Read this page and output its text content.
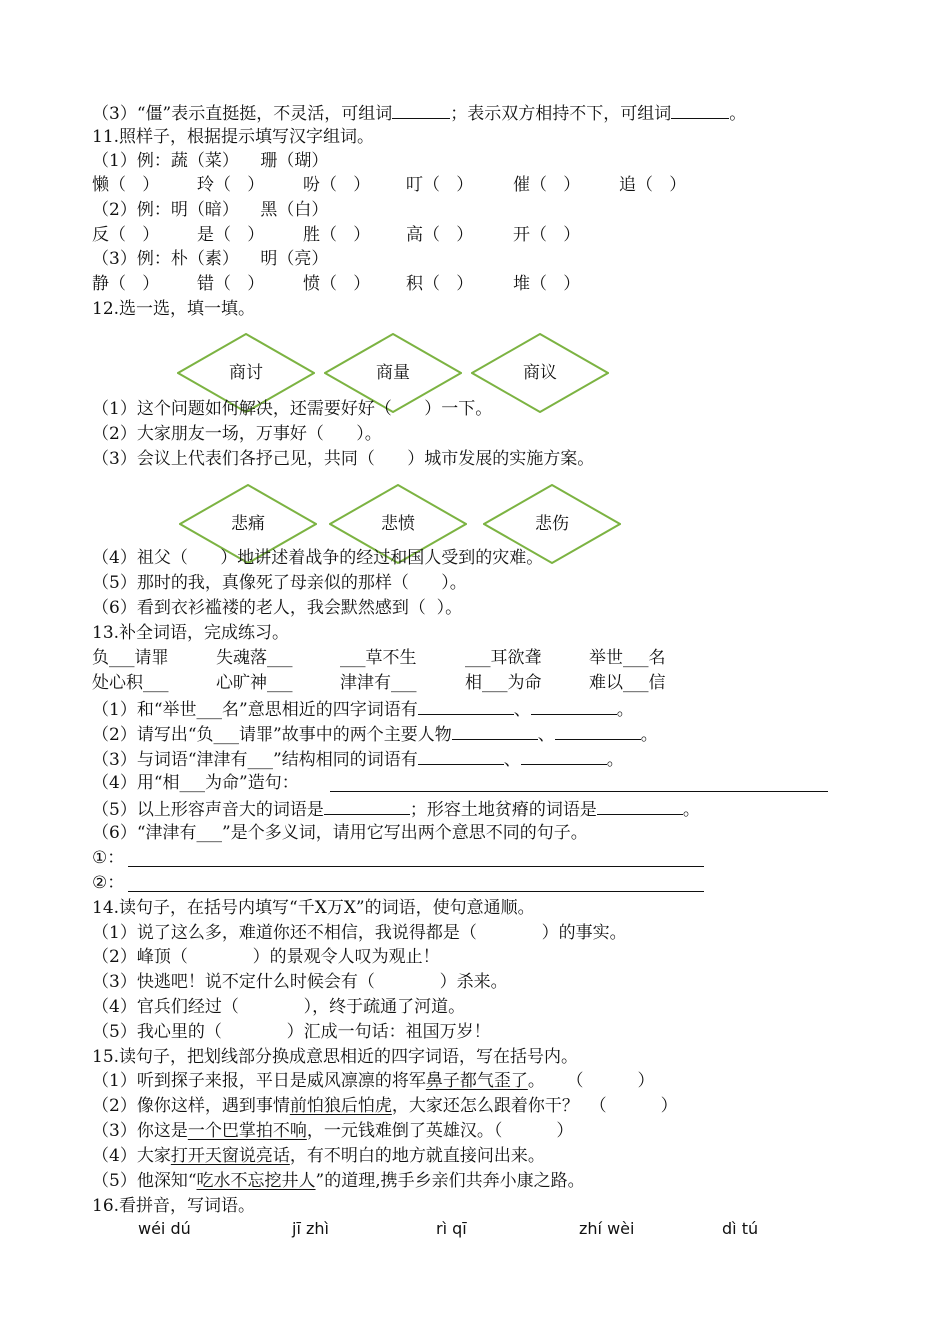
（3）“僵”表示直挺挺，不灵活，可组词	；表示双方相持不下，可组词	。
11.照样子，根据提示填写汉字组词。
（1）例：蔬（菜）    珊（瑚）
懒（   ） 玲（   ） 吩（   ） 叮（   ） 催（   ） 追（   ）
（2）例：明（暗）    黑（白）
反（   ） 是（   ） 胜（   ） 高（   ） 开（   ）
（3）例：朴（素）    明（亮）
静（   ） 错（   ） 愤（   ） 积（   ） 堆（   ）
12.选一选，填一填。
商讨	商量	商议
（1）这个问题如何解决，还需要好好（      ）一下。
（2）大家朋友一场，万事好（      ）。
（3）会议上代表们各抒己见，共同（      ）城市发展的实施方案。
悲痛	悲愤	悲伤
（4）祖父（      ）地讲述着战争的经过和国人受到的灾难。
（5）那时的我，真像死了母亲似的那样（      ）。
（6）看到衣衫褴褛的老人，我会默然感到（  ）。
13.补全词语，完成练习。
负___请罪	失魂落___	___草不生	___耳欲聋	举世___名
处心积___	心旷神___	津津有___	相___为命	难以___信
（1）和“举世___名”意思相近的四字词语有	、	。
（2）请写出“负___请罪”故事中的两个主要人物	、	。
（3）与词语“津津有___”结构相同的词语有	、	。
（4）用“相___为命”造句：
（5）以上形容声音大的词语是	；形容土地贫瘠的词语是	。
（6）“津津有___”是个多义词，请用它写出两个意思不同的句子。
①：
②：
14.读句子，在括号内填写“千X万X”的词语，使句意通顺。
（1）说了这么多，难道你还不相信，我说得都是（            ）的事实。
（2）峰顶（            ）的景观令人叹为观止！
（3）快逃吧！说不定什么时候会有（            ）杀来。
（4）官兵们经过（            ），终于疏通了河道。
（5）我心里的（            ）汇成一句话：祖国万岁！
15.读句子，把划线部分换成意思相近的四字词语，写在括号内。
（1）听到探子来报，平日是威风凛凛的将军鼻子都气歪了。    （          ）
（2）像你这样，遇到事情前怕狼后怕虎，大家还怎么跟着你干？  （          ）
（3）你这是一个巴掌拍不响，一元钱难倒了英雄汉。（          ）
（4）大家打开天窗说亮话，有不明白的地方就直接问出来。
（5）他深知“吃水不忘挖井人”的道理,携手乡亲们共奔小康之路。
16.看拼音，写词语。
wéi dú	jī zhì	rì qī	zhí wèi	dì tú
